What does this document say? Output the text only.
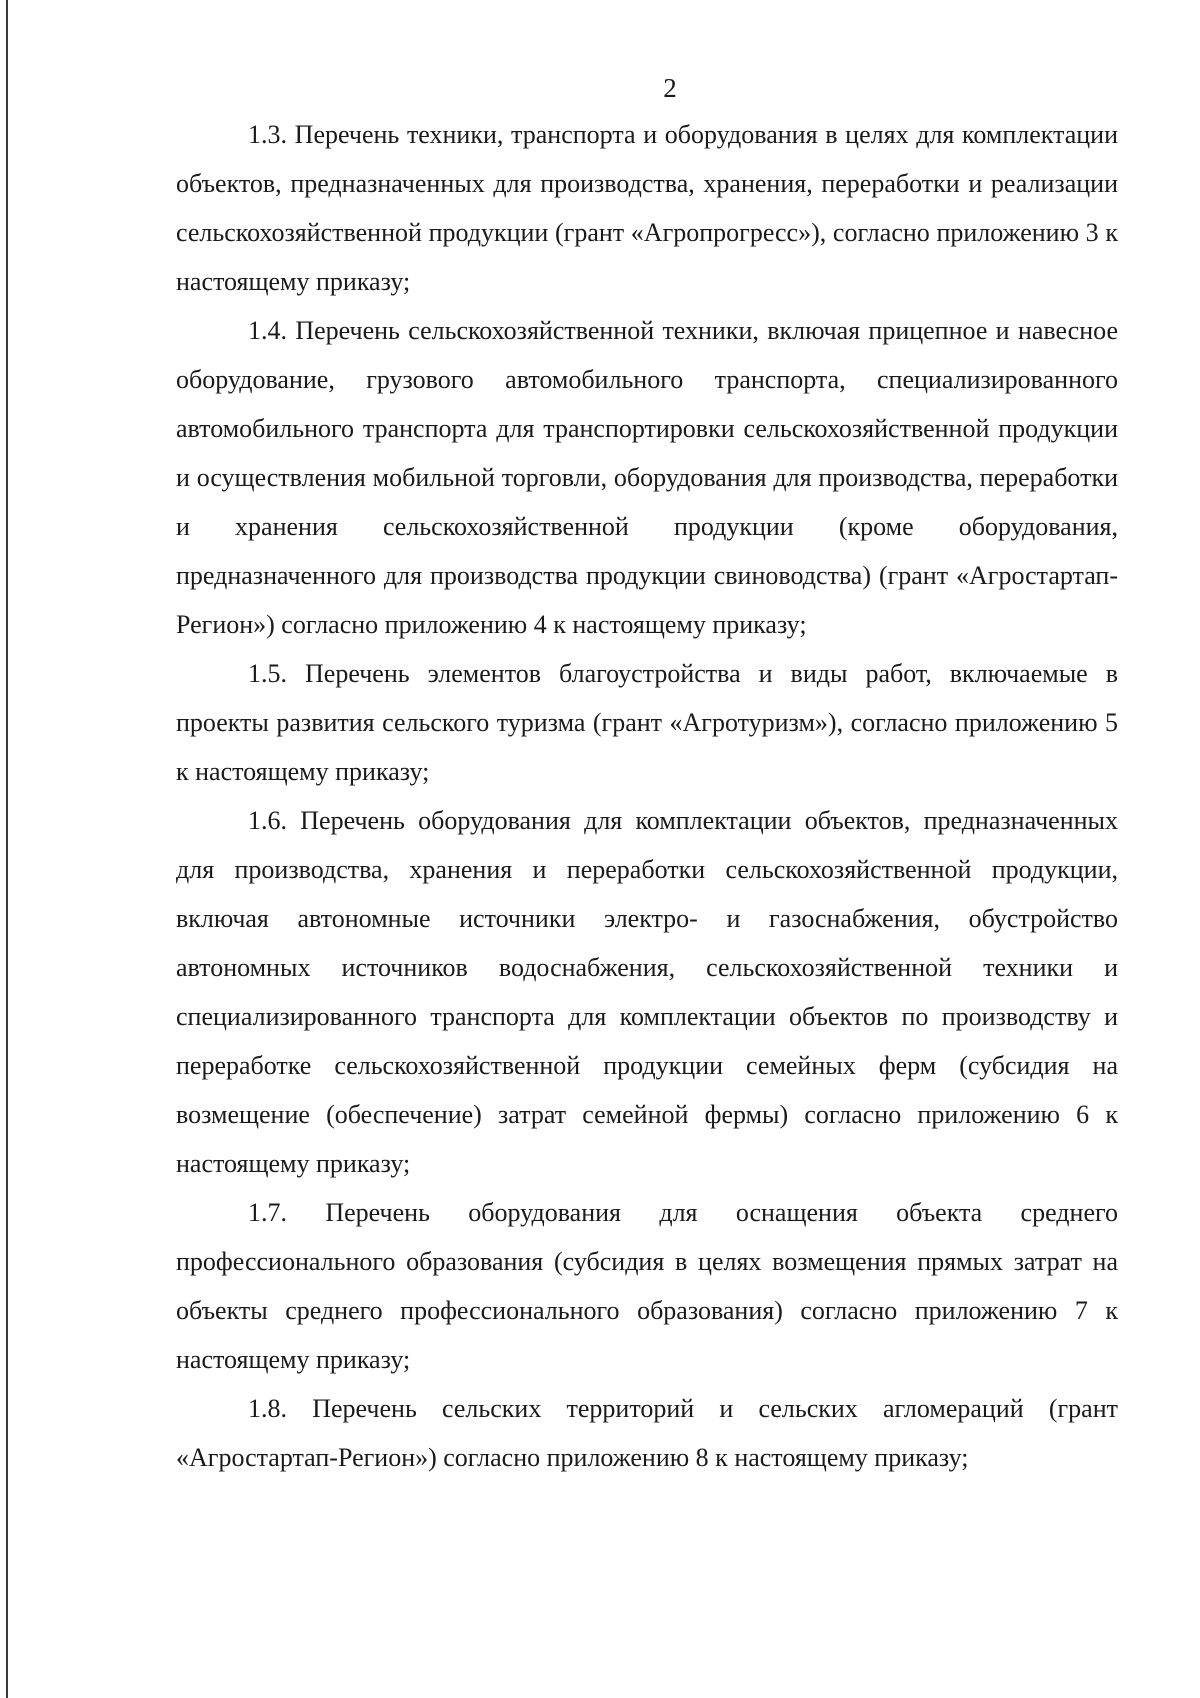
2

1.3. Перечень техники, транспорта и оборудования в целях для комплектации объектов, предназначенных для производства, хранения, переработки и реализации сельскохозяйственной продукции (грант «Агропрогресс»), согласно приложению 3 к настоящему приказу;

1.4. Перечень сельскохозяйственной техники, включая прицепное и навесное оборудование, грузового автомобильного транспорта, специализированного автомобильного транспорта для транспортировки сельскохозяйственной продукции и осуществления мобильной торговли, оборудования для производства, переработки и хранения сельскохозяйственной продукции (кроме оборудования, предназначенного для производства продукции свиноводства) (грант «Агростартап-Регион») согласно приложению 4 к настоящему приказу;

1.5. Перечень элементов благоустройства и виды работ, включаемые в проекты развития сельского туризма (грант «Агротуризм»), согласно приложению 5 к настоящему приказу;

1.6. Перечень оборудования для комплектации объектов, предназначенных для производства, хранения и переработки сельскохозяйственной продукции, включая автономные источники электро- и газоснабжения, обустройство автономных источников водоснабжения, сельскохозяйственной техники и специализированного транспорта для комплектации объектов по производству и переработке сельскохозяйственной продукции семейных ферм (субсидия на возмещение (обеспечение) затрат семейной фермы) согласно приложению 6 к настоящему приказу;

1.7. Перечень оборудования для оснащения объекта среднего профессионального образования (субсидия в целях возмещения прямых затрат на объекты среднего профессионального образования) согласно приложению 7 к настоящему приказу;

1.8. Перечень сельских территорий и сельских агломераций (грант «Агростартап-Регион») согласно приложению 8 к настоящему приказу;
